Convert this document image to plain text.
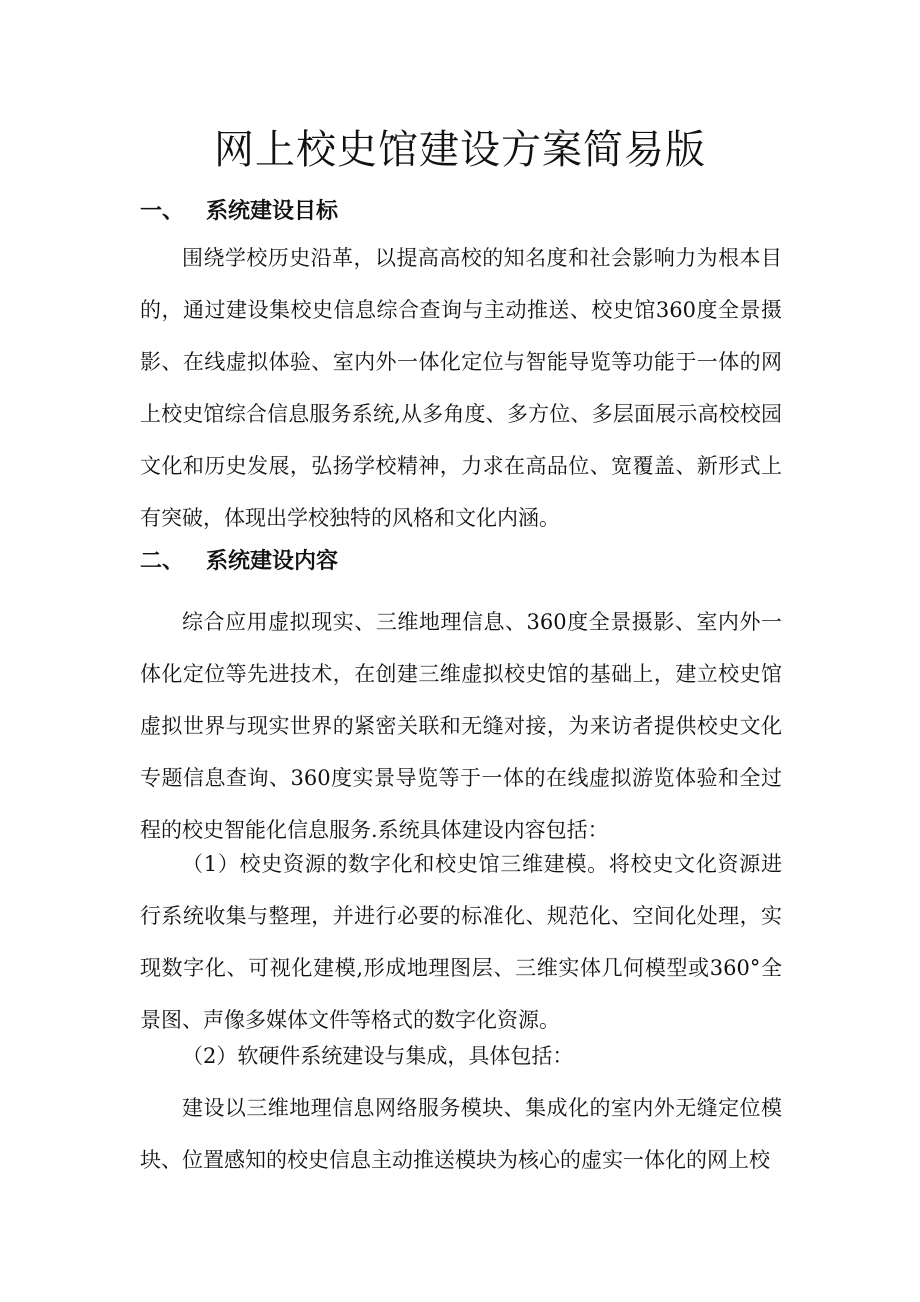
网上校史馆建设方案简易版
一、 系统建设目标

围绕学校历史沿革，以提高高校的知名度和社会影响力为根本目的，通过建设集校史信息综合查询与主动推送、校史馆360度全景摄影、在线虚拟体验、室内外一体化定位与智能导览等功能于一体的网上校史馆综合信息服务系统,从多角度、多方位、多层面展示高校校园文化和历史发展，弘扬学校精神，力求在高品位、宽覆盖、新形式上有突破，体现出学校独特的风格和文化内涵。

二、 系统建设内容

综合应用虚拟现实、三维地理信息、360度全景摄影、室内外一体化定位等先进技术，在创建三维虚拟校史馆的基础上，建立校史馆虚拟世界与现实世界的紧密关联和无缝对接，为来访者提供校史文化专题信息查询、360度实景导览等于一体的在线虚拟游览体验和全过程的校史智能化信息服务.系统具体建设内容包括：

（1）校史资源的数字化和校史馆三维建模。将校史文化资源进行系统收集与整理，并进行必要的标准化、规范化、空间化处理，实现数字化、可视化建模,形成地理图层、三维实体几何模型或360°全景图、声像多媒体文件等格式的数字化资源。

（2）软硬件系统建设与集成，具体包括：

建设以三维地理信息网络服务模块、集成化的室内外无缝定位模块、位置感知的校史信息主动推送模块为核心的虚实一体化的网上校
